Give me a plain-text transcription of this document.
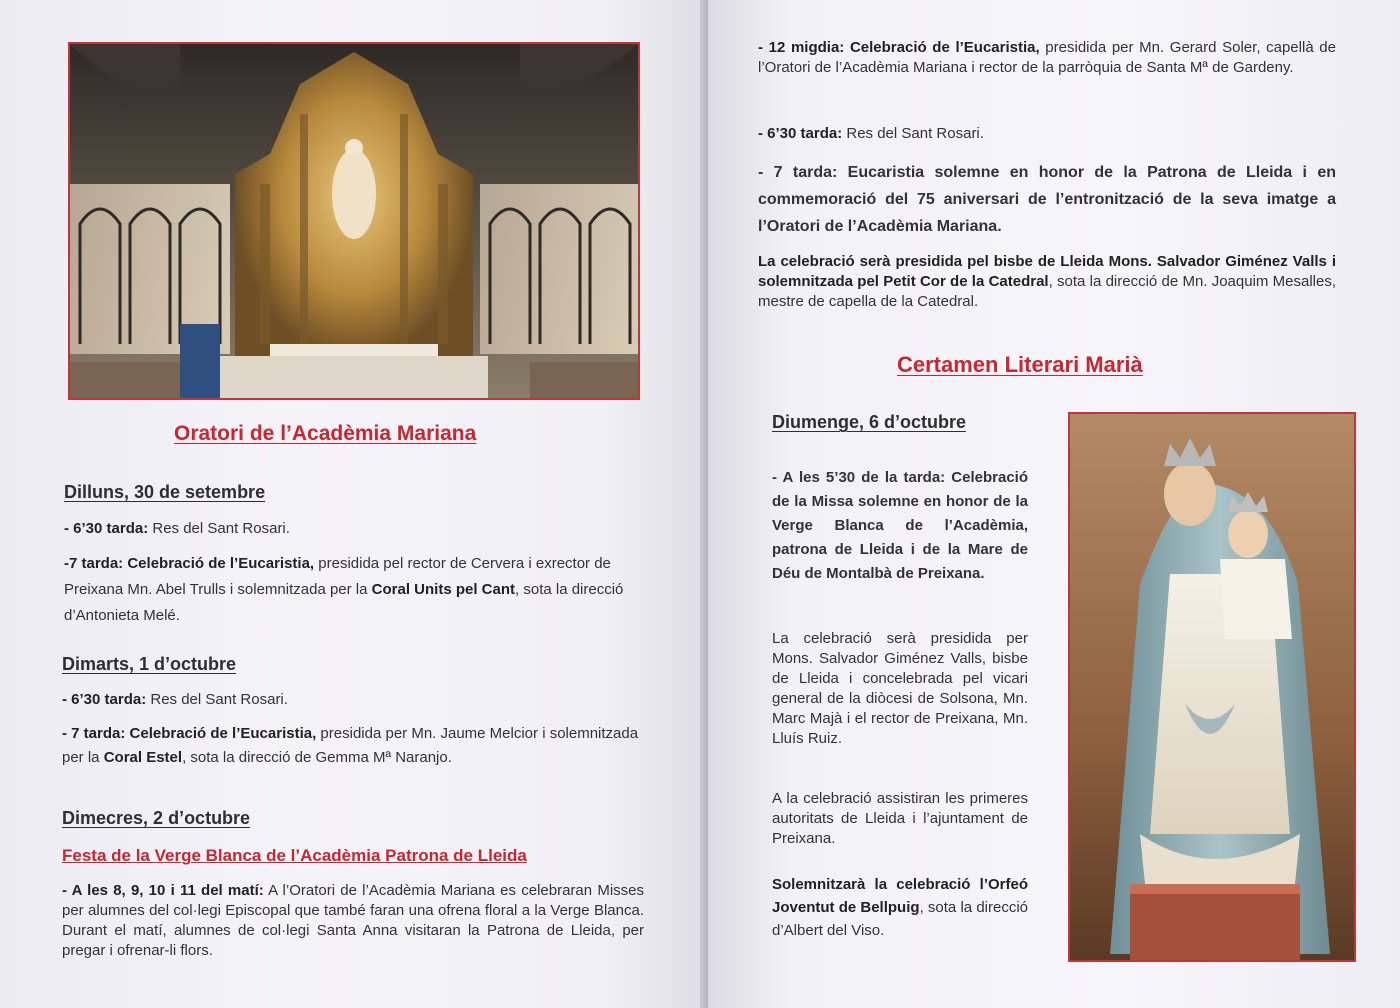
Oratori de l’Acadèmia Mariana
Dilluns, 30 de setembre
- 6’30 tarda: Res del Sant Rosari.
-7 tarda: Celebració de l’Eucaristia, presidida pel rector de Cervera i exrector de Preixana Mn. Abel Trulls i solemnitzada per la Coral Units pel Cant, sota la direcció d’Antonieta Melé.
Dimarts, 1 d’octubre
- 6’30 tarda: Res del Sant Rosari.
- 7 tarda: Celebració de l’Eucaristia, presidida per Mn. Jaume Melcior i solemnitzada per la Coral Estel, sota la direcció de Gemma Mª Naranjo.
Dimecres, 2 d’octubre
Festa de la Verge Blanca de l’Acadèmia Patrona de Lleida
- A les 8, 9, 10 i 11 del matí: A l’Oratori de l’Acadèmia Mariana es celebraran Misses per alumnes del col·legi Episcopal que també faran una ofrena floral a la Verge Blanca. Durant el matí, alumnes de col·legi Santa Anna visitaran la Patrona de Lleida, per pregar i ofrenar-li flors.
- 12 migdia: Celebració de l’Eucaristia, presidida per Mn. Gerard Soler, capellà de l’Oratori de l’Acadèmia Mariana i rector de la parròquia de Santa Mª de Gardeny.
- 6’30 tarda: Res del Sant Rosari.
- 7 tarda: Eucaristia solemne en honor de la Patrona de Lleida i en commemoració del 75 aniversari de l’entronització de la seva imatge a l’Oratori de l’Acadèmia Mariana.
La celebració serà presidida pel bisbe de Lleida Mons. Salvador Giménez Valls i solemnitzada pel Petit Cor de la Catedral, sota la direcció de Mn. Joaquim Mesalles, mestre de capella de la Catedral.
Certamen Literari Marià
Diumenge, 6 d’octubre
- A les 5’30 de la tarda: Celebració de la Missa solemne en honor de la Verge Blanca de l’Acadèmia, patrona de Lleida i de la Mare de Déu de Montalbà de Preixana.
La celebració serà presidida per Mons. Salvador Giménez Valls, bisbe de Lleida i concelebrada pel vicari general de la diòcesi de Solsona, Mn. Marc Majà i el rector de Preixana, Mn. Lluís Ruiz.
A la celebració assistiran les primeres autoritats de Lleida i l’ajuntament de Preixana.
Solemnitzarà la celebració l’Orfeó Joventut de Bellpuig, sota la direcció d’Albert del Viso.
